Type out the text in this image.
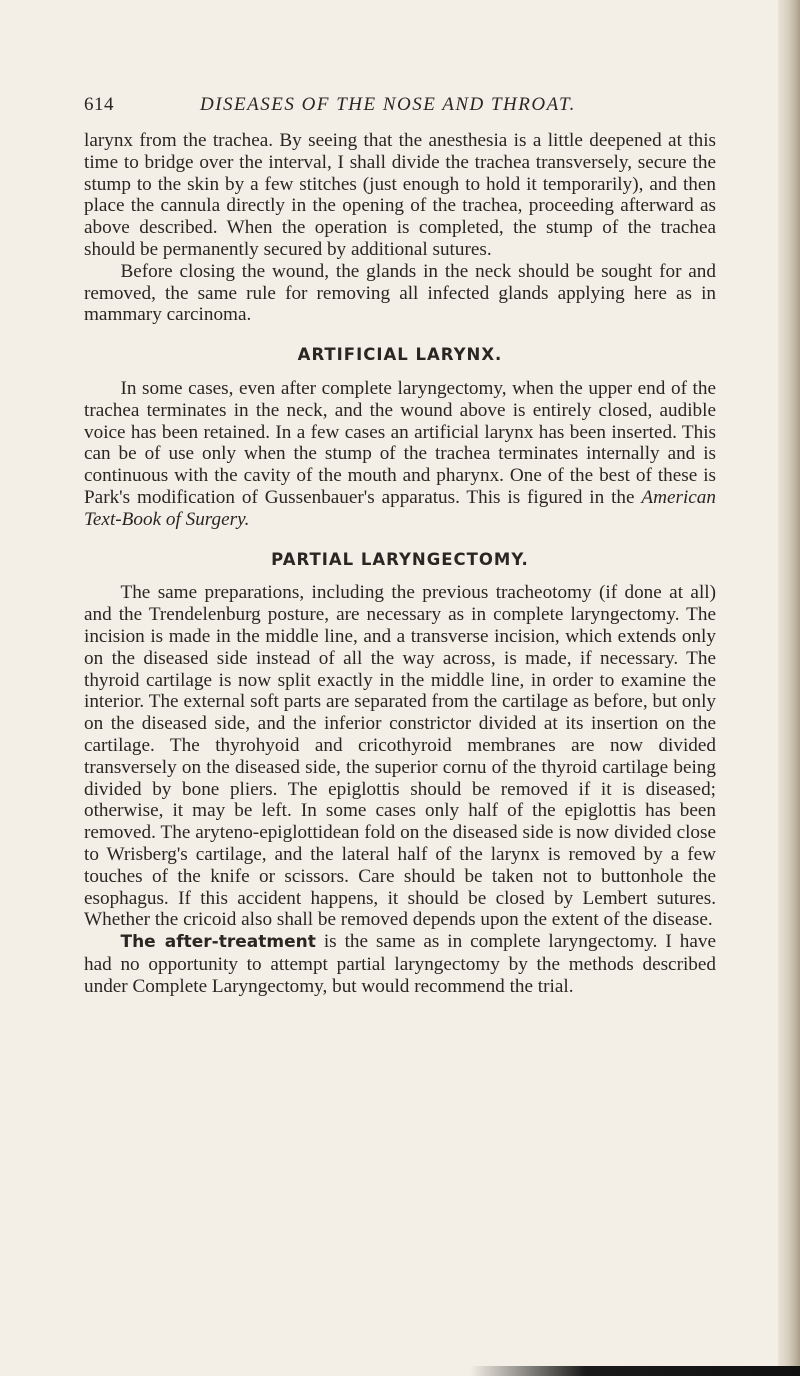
614	DISEASES OF THE NOSE AND THROAT.

larynx from the trachea. By seeing that the anesthesia is a little deepened at this time to bridge over the interval, I shall divide the trachea transversely, secure the stump to the skin by a few stitches (just enough to hold it temporarily), and then place the cannula directly in the opening of the trachea, proceeding afterward as above described. When the operation is completed, the stump of the trachea should be permanently secured by additional sutures.

Before closing the wound, the glands in the neck should be sought for and removed, the same rule for removing all infected glands applying here as in mammary carcinoma.

ARTIFICIAL LARYNX.

In some cases, even after complete laryngectomy, when the upper end of the trachea terminates in the neck, and the wound above is entirely closed, audible voice has been retained. In a few cases an artificial larynx has been inserted. This can be of use only when the stump of the trachea terminates internally and is continuous with the cavity of the mouth and pharynx. One of the best of these is Park's modification of Gussenbauer's apparatus. This is figured in the American Text-Book of Surgery.

PARTIAL LARYNGECTOMY.

The same preparations, including the previous tracheotomy (if done at all) and the Trendelenburg posture, are necessary as in complete laryngectomy. The incision is made in the middle line, and a transverse incision, which extends only on the diseased side instead of all the way across, is made, if necessary. The thyroid cartilage is now split exactly in the middle line, in order to examine the interior. The external soft parts are separated from the cartilage as before, but only on the diseased side, and the inferior constrictor divided at its insertion on the cartilage. The thyrohyoid and cricothyroid membranes are now divided transversely on the diseased side, the superior cornu of the thyroid cartilage being divided by bone pliers. The epiglottis should be removed if it is diseased; otherwise, it may be left. In some cases only half of the epiglottis has been removed. The aryteno-epiglottidean fold on the diseased side is now divided close to Wrisberg's cartilage, and the lateral half of the larynx is removed by a few touches of the knife or scissors. Care should be taken not to buttonhole the esophagus. If this accident happens, it should be closed by Lembert sutures. Whether the cricoid also shall be removed depends upon the extent of the disease.

The after-treatment is the same as in complete laryngectomy. I have had no opportunity to attempt partial laryngectomy by the methods described under Complete Laryngectomy, but would recommend the trial.
